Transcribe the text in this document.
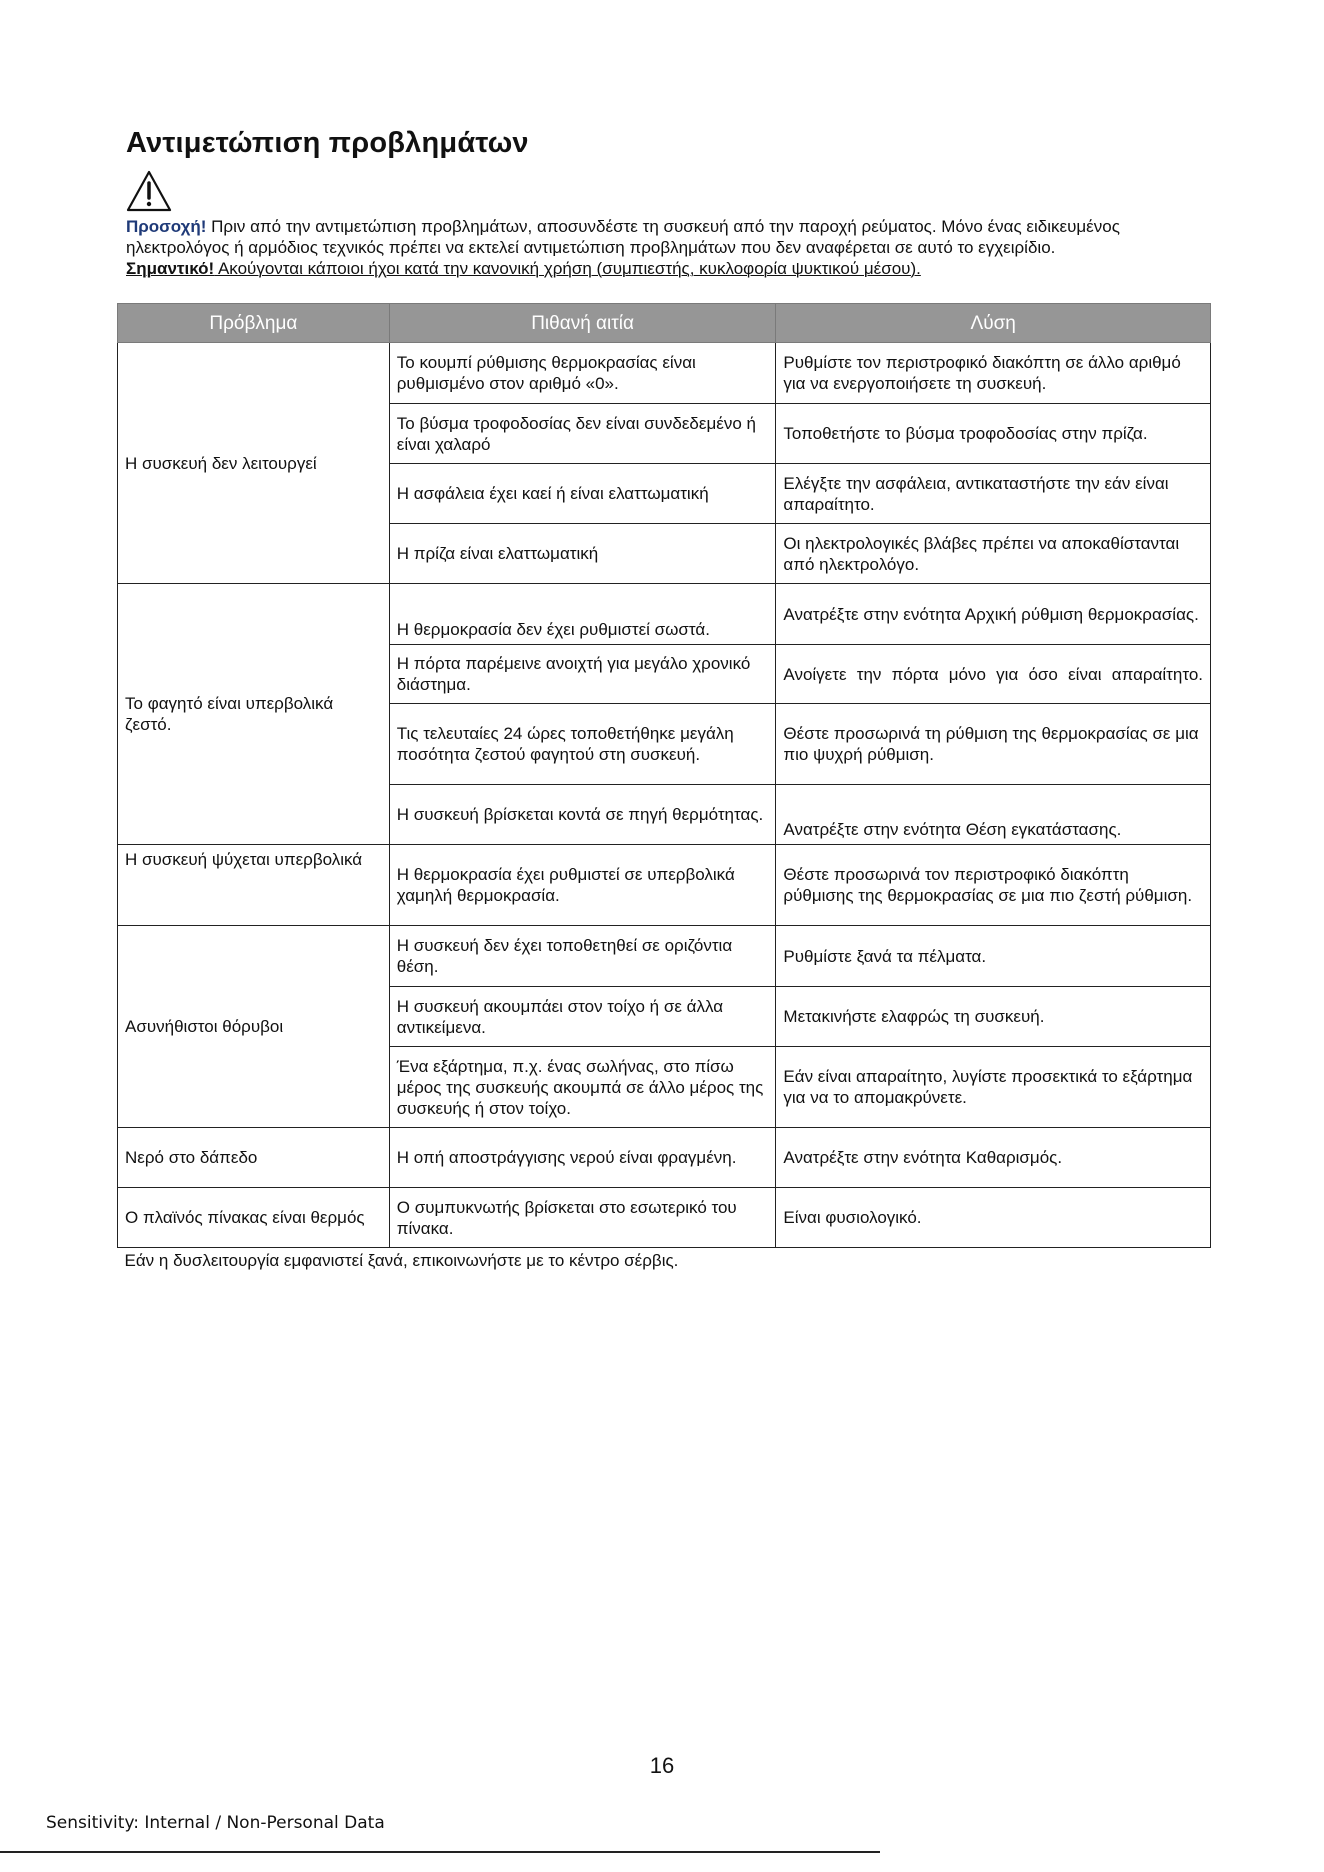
Αντιμετώπιση προβλημάτων
Προσοχή! Πριν από την αντιμετώπιση προβλημάτων, αποσυνδέστε τη συσκευή από την παροχή ρεύματος. Μόνο ένας ειδικευμένος ηλεκτρολόγος ή αρμόδιος τεχνικός πρέπει να εκτελεί αντιμετώπιση προβλημάτων που δεν αναφέρεται σε αυτό το εγχειρίδιο.
Σημαντικό! Ακούγονται κάποιοι ήχοι κατά την κανονική χρήση (συμπιεστής, κυκλοφορία ψυκτικού μέσου).
Πρόβλημα	Πιθανή αιτία	Λύση
Η συσκευή δεν λειτουργεί	Το κουμπί ρύθμισης θερμοκρασίας είναι ρυθμισμένο στον αριθμό «0».	Ρυθμίστε τον περιστροφικό διακόπτη σε άλλο αριθμό για να ενεργοποιήσετε τη συσκευή.
	Το βύσμα τροφοδοσίας δεν είναι συνδεδεμένο ή είναι χαλαρό	Τοποθετήστε το βύσμα τροφοδοσίας στην πρίζα.
	Η ασφάλεια έχει καεί ή είναι ελαττωματική	Ελέγξτε την ασφάλεια, αντικαταστήστε την εάν είναι απαραίτητο.
	Η πρίζα είναι ελαττωματική	Οι ηλεκτρολογικές βλάβες πρέπει να αποκαθίστανται από ηλεκτρολόγο.
Το φαγητό είναι υπερβολικά ζεστό.	Η θερμοκρασία δεν έχει ρυθμιστεί σωστά.	Ανατρέξτε στην ενότητα Αρχική ρύθμιση θερμοκρασίας.
	Η πόρτα παρέμεινε ανοιχτή για μεγάλο χρονικό διάστημα.	Ανοίγετε την πόρτα μόνο για όσο είναι απαραίτητο.
	Τις τελευταίες 24 ώρες τοποθετήθηκε μεγάλη ποσότητα ζεστού φαγητού στη συσκευή.	Θέστε προσωρινά τη ρύθμιση της θερμοκρασίας σε μια πιο ψυχρή ρύθμιση.
	Η συσκευή βρίσκεται κοντά σε πηγή θερμότητας.	Ανατρέξτε στην ενότητα Θέση εγκατάστασης.
Η συσκευή ψύχεται υπερβολικά	Η θερμοκρασία έχει ρυθμιστεί σε υπερβολικά χαμηλή θερμοκρασία.	Θέστε προσωρινά τον περιστροφικό διακόπτη ρύθμισης της θερμοκρασίας σε μια πιο ζεστή ρύθμιση.
Ασυνήθιστοι θόρυβοι	Η συσκευή δεν έχει τοποθετηθεί σε οριζόντια θέση.	Ρυθμίστε ξανά τα πέλματα.
	Η συσκευή ακουμπάει στον τοίχο ή σε άλλα αντικείμενα.	Μετακινήστε ελαφρώς τη συσκευή.
	Ένα εξάρτημα, π.χ. ένας σωλήνας, στο πίσω μέρος της συσκευής ακουμπά σε άλλο μέρος της συσκευής ή στον τοίχο.	Εάν είναι απαραίτητο, λυγίστε προσεκτικά το εξάρτημα για να το απομακρύνετε.
Νερό στο δάπεδο	Η οπή αποστράγγισης νερού είναι φραγμένη.	Ανατρέξτε στην ενότητα Καθαρισμός.
Ο πλαϊνός πίνακας είναι θερμός	Ο συμπυκνωτής βρίσκεται στο εσωτερικό του πίνακα.	Είναι φυσιολογικό.
Εάν η δυσλειτουργία εμφανιστεί ξανά, επικοινωνήστε με το κέντρο σέρβις.		
16
Sensitivity: Internal / Non-Personal Data
